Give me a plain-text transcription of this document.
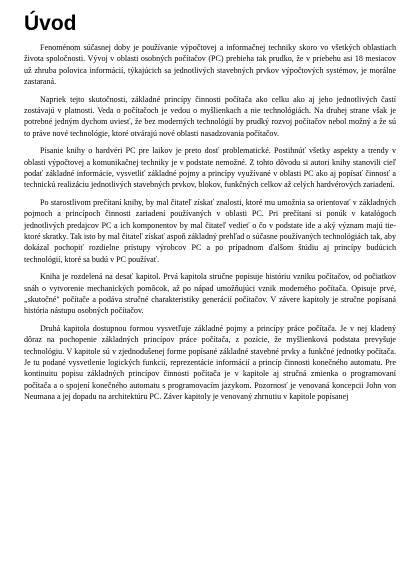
Úvod

Fenoménom súčasnej doby je používanie výpočtovej a informačnej techniky skoro vo všetkých oblastiach života spoločnosti. Vývoj v oblasti osobných počítačov (PC) prebieha tak prudko, že v priebehu asi 18 mesiacov už zhruba polovica informácií, týkajúcich sa jednotlivých stavebných prvkov výpočtových systémov, je morálne zastaraná.

Napriek tejto skutočnosti, základné princípy činnosti počítača ako celku ako aj jeho jednotlivých častí zostávajú v platnosti. Veda o počítačoch je vedou o myšlienkach a nie technológiách. Na druhej strane však je potrebné jedným dychom uviesť, že bez moderných technológií by prudký rozvoj počítačov nebol možný a že sú to práve nové technológie, ktoré otvárajú nové oblasti nasadzovania počítačov.

Písanie knihy o hardvéri PC pre laikov je preto dosť problematické. Postihnúť všetky aspekty a trendy v oblasti výpočtovej a komunikačnej techniky je v podstate nemožné. Z tohto dôvodu si autori knihy stanovili cieľ podať základné informácie, vysvetliť základné pojmy a princípy využívané v oblasti PC ako aj popísať činnosť a technickú realizáciu jednotlivých stavebných prvkov, blokov, funkčných celkov až celých hardvérových zariadení.

Po starostlivom prečítaní knihy, by mal čitateľ získať znalosti, ktoré mu umožnia sa orientovať v základných pojmoch a princípoch činnosti zariadení používaných v oblasti PC. Pri prečítaní si ponúk v katalógoch jednotlivých predajcov PC a ich komponentov by mal čitateľ vedieť o čo v podstate ide a aký význam majú tie-ktoré skratky. Tak isto by mal čitateľ získať aspoň základný prehľad o súčasne používaných technológiách tak, aby dokázal pochopiť rozdielne prístupy výrobcov PC a po prípadnom ďalšom štúdiu aj princípy budúcich technológií, ktoré sa budú v PC používať.

Kniha je rozdelená na desať kapitol. Prvá kapitola stručne popisuje históriu vzniku počítačov, od počiatkov snáh o vytvorenie mechanických pomôcok, až po nápad umožňujúci vznik moderného počítača. Opisuje prvé, „skutočné" počítače a podáva stručné charakteristiky generácií počítačov. V závere kapitoly je stručne popísaná história nástupu osobných počítačov.

Druhá kapitola dostupnou formou vysvetľuje základné pojmy a princípy práce počítača. Je v nej kladený dôraz na pochopenie základných princípov práce počítača, z pozície, že myšlienková podstata prevyšuje technológiu. V kapitole sú v zjednodušenej forme popísané základné stavebné prvky a funkčné jednotky počítača. Je tu podané vysvetlenie logických funkcií, reprezentácie informácií a princíp činnosti konečného automatu. Pre kontinuitu popisu základných princípov činnosti počítača je v kapitole aj stručná zmienka o programovaní počítača a o spojení konečného automatu s programovacím jazykom. Pozornosť je venovaná koncepcii John von Neumana a jej dopadu na architektúru PC. Záver kapitoly je venovaný zhrnutiu v kapitole popísanej
